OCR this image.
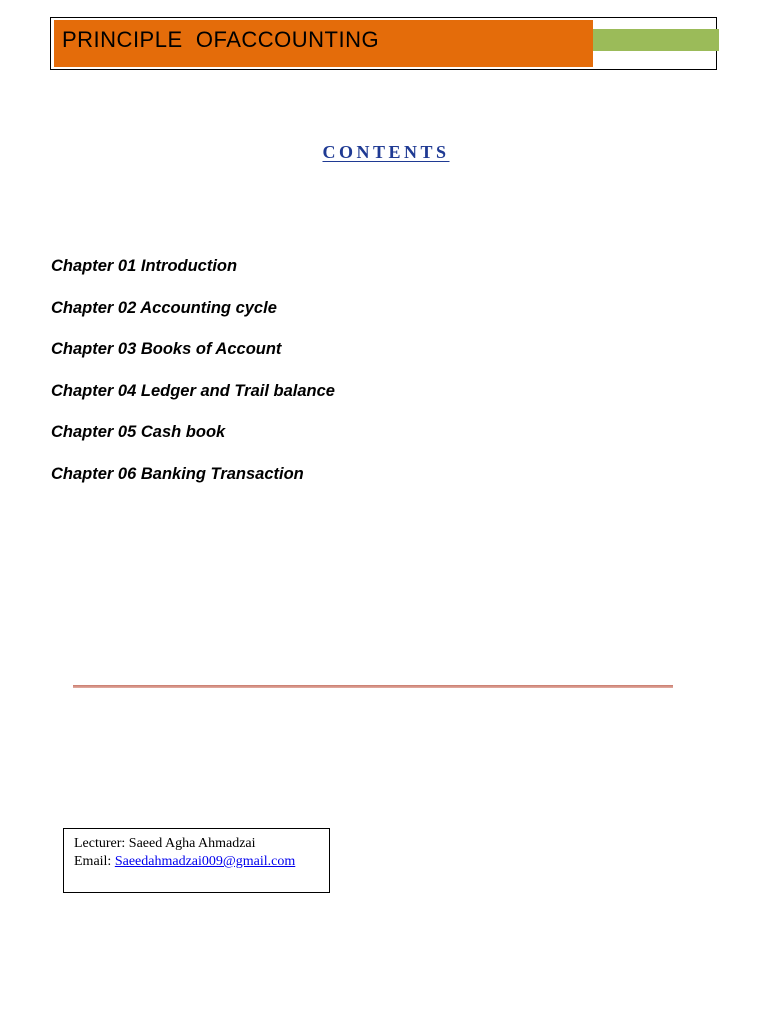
PRINCIPLE  OFACCOUNTING
CONTENTS
Chapter 01 Introduction
Chapter 02 Accounting cycle
Chapter 03 Books of Account
Chapter 04 Ledger and Trail balance
Chapter 05 Cash book
Chapter 06 Banking Transaction
Lecturer: Saeed Agha Ahmadzai
Email: Saeedahmadzai009@gmail.com
